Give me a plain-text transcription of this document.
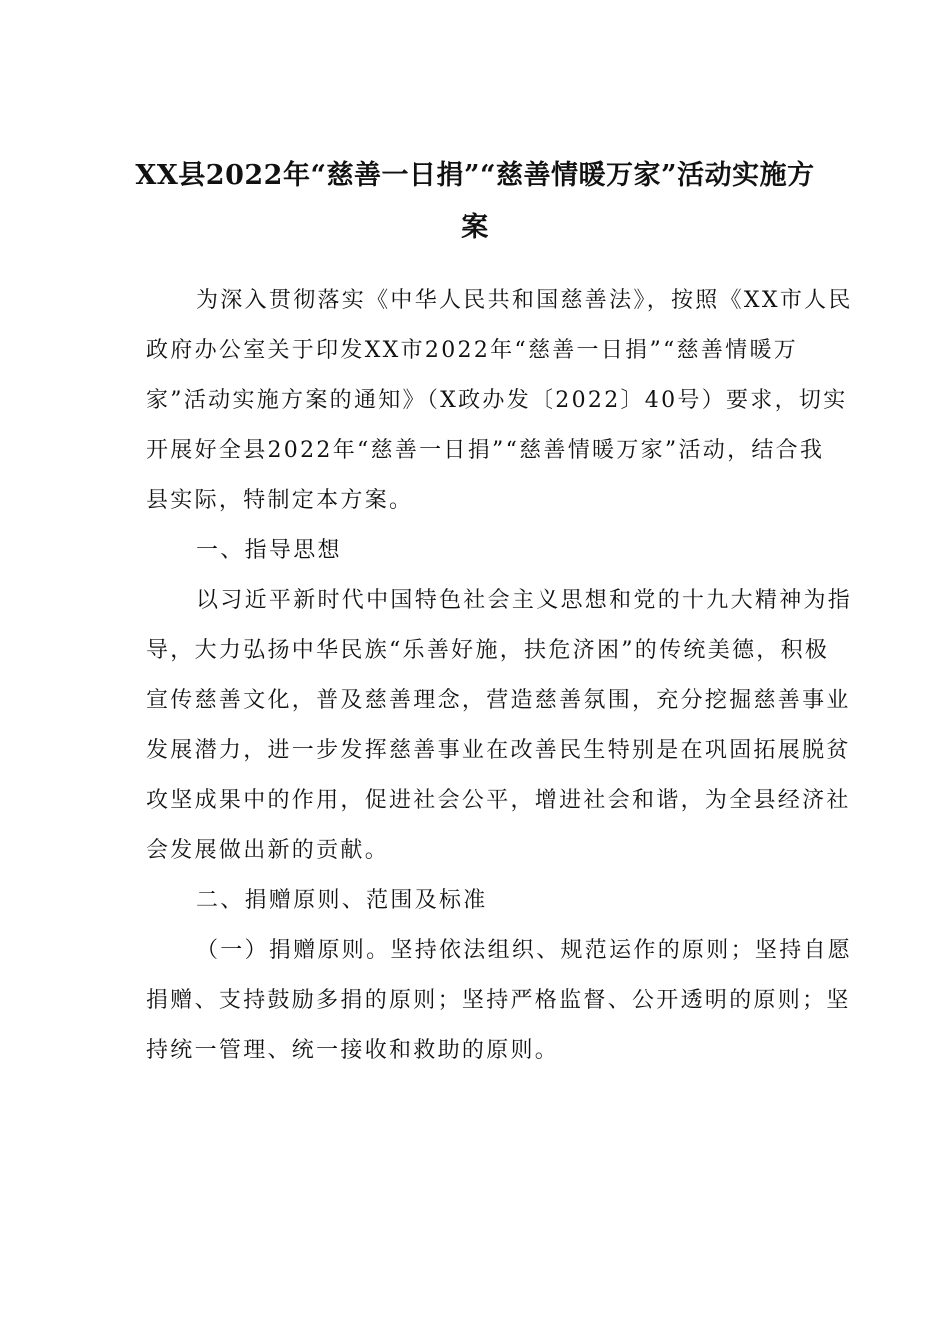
XX县2022年“慈善一日捐”“慈善情暖万家”活动实施方
案
为深入贯彻落实《中华人民共和国慈善法》，按照《XX市人民
政府办公室关于印发XX市2022年“慈善一日捐”“慈善情暖万
家”活动实施方案的通知》（X政办发〔2022〕40号）要求，切实
开展好全县2022年“慈善一日捐”“慈善情暖万家”活动，结合我
县实际，特制定本方案。
一、指导思想
以习近平新时代中国特色社会主义思想和党的十九大精神为指
导，大力弘扬中华民族“乐善好施，扶危济困”的传统美德，积极
宣传慈善文化，普及慈善理念，营造慈善氛围，充分挖掘慈善事业
发展潜力，进一步发挥慈善事业在改善民生特别是在巩固拓展脱贫
攻坚成果中的作用，促进社会公平，增进社会和谐，为全县经济社
会发展做出新的贡献。
二、捐赠原则、范围及标准
（一）捐赠原则。坚持依法组织、规范运作的原则；坚持自愿
捐赠、支持鼓励多捐的原则；坚持严格监督、公开透明的原则；坚
持统一管理、统一接收和救助的原则。
